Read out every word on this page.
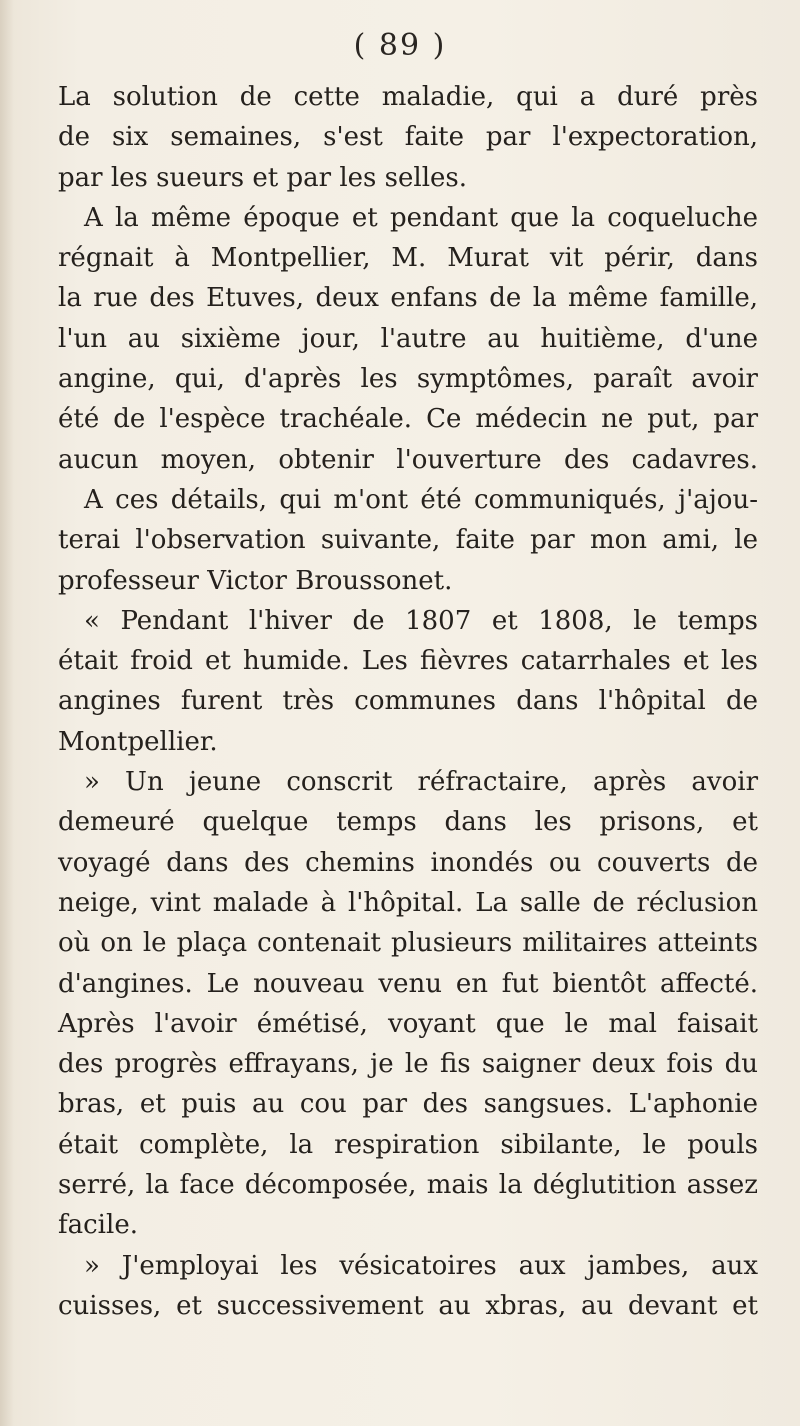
( 89 )
La solution de cette maladie, qui a duré près
de six semaines, s'est faite par l'expectoration,
par les sueurs et par les selles.
A la même époque et pendant que la coqueluche
régnait à Montpellier, M. Murat vit périr, dans
la rue des Etuves, deux enfans de la même famille,
l'un au sixième jour, l'autre au huitième, d'une
angine, qui, d'après les symptômes, paraît avoir
été de l'espèce trachéale. Ce médecin ne put, par
aucun moyen, obtenir l'ouverture des cadavres.
A ces détails, qui m'ont été communiqués, j'ajou-
terai l'observation suivante, faite par mon ami, le
professeur Victor Broussonet.
« Pendant l'hiver de 1807 et 1808, le temps
était froid et humide. Les fièvres catarrhales et les
angines furent très communes dans l'hôpital de
Montpellier.
» Un jeune conscrit réfractaire, après avoir
demeuré quelque temps dans les prisons, et
voyagé dans des chemins inondés ou couverts de
neige, vint malade à l'hôpital. La salle de réclusion
où on le plaça contenait plusieurs militaires atteints
d'angines. Le nouveau venu en fut bientôt affecté.
Après l'avoir émétisé, voyant que le mal faisait
des progrès effrayans, je le fis saigner deux fois du
bras, et puis au cou par des sangsues. L'aphonie
était complète, la respiration sibilante, le pouls
serré, la face décomposée, mais la déglutition assez
facile.
» J'employai les vésicatoires aux jambes, aux
cuisses, et successivement au xbras, au devant et
